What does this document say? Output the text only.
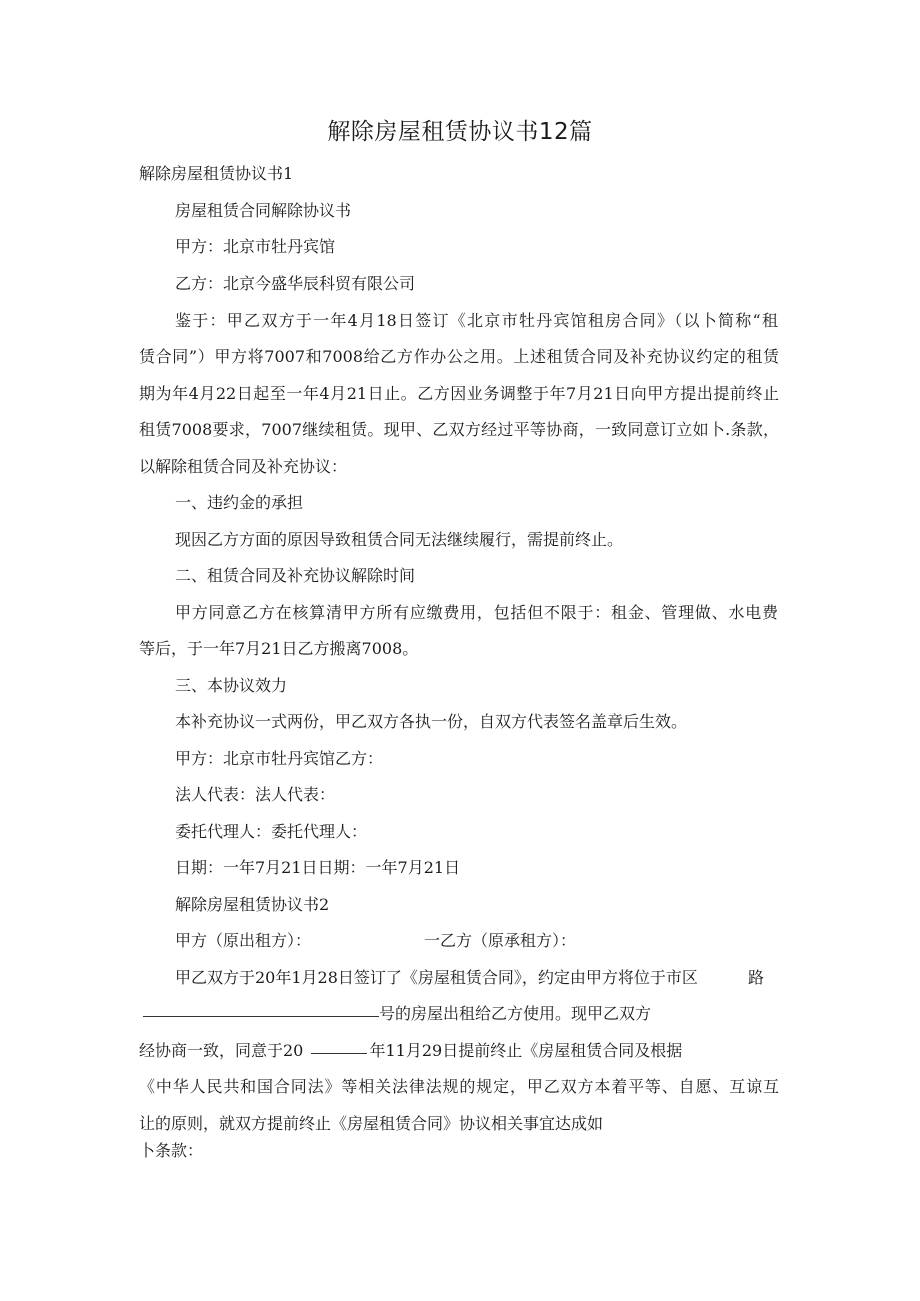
解除房屋租赁协议书12篇
解除房屋租赁协议书1
房屋租赁合同解除协议书
甲方：北京市牡丹宾馆
乙方：北京今盛华辰科贸有限公司
鉴于：甲乙双方于一年4月18日签订《北京市牡丹宾馆租房合同》（以卜简称“租
赁合同”）甲方将7007和7008给乙方作办公之用。上述租赁合同及补充协议约定的租赁
期为年4月22日起至一年4月21日止。乙方因业务调整于年7月21日向甲方提出提前终止
租赁7008要求，7007继续租赁。现甲、乙双方经过平等协商，一致同意订立如卜.条款，
以解除租赁合同及补充协议：
一、违约金的承担
现因乙方方面的原因导致租赁合同无法继续履行，需提前终止。
二、租赁合同及补充协议解除时间
甲方同意乙方在核算清甲方所有应缴费用，包括但不限于：租金、管理做、水电费
等后，于一年7月21日乙方搬离7008。
三、本协议效力
本补充协议一式两份，甲乙双方各执一份，自双方代表签名盖章后生效。
甲方：北京市牡丹宾馆乙方：
法人代表：法人代表：
委托代理人：委托代理人：
日期：一年7月21日日期：一年7月21日
解除房屋租赁协议书2
甲方（原出租方）：	一乙方（原承租方）：
甲乙双方于20年1月28日签订了《房屋租赁合同》，约定由甲方将位于市区	路
号的房屋出租给乙方使用。现甲乙双方
经协商一致，同意于20	年11月29日提前终止《房屋租赁合同及根据
《中华人民共和国合同法》等相关法律法规的规定，甲乙双方本着平等、自愿、互谅互
让的原则，就双方提前终止《房屋租赁合同》协议相关事宜达成如
卜条款：
